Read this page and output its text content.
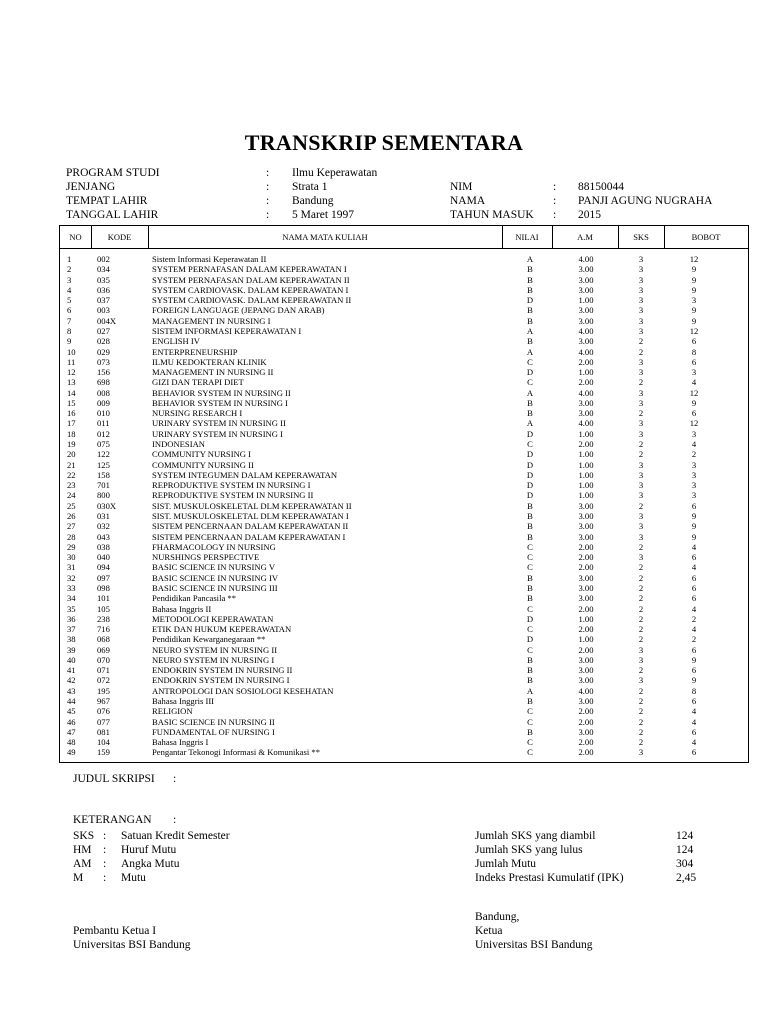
TRANSKRIP SEMENTARA
PROGRAM STUDI	: Ilmu Keperawatan
JENJANG	: Strata 1	NIM	: 88150044
TEMPAT LAHIR	: Bandung	NAMA	: PANJI AGUNG NUGRAHA
TANGGAL LAHIR	: 5 Maret 1997	TAHUN MASUK : 2015
NO	KODE	NAMA MATA KULIAH	NILAI	A.M	SKS	BOBOT
1	002	Sistem Informasi Keperawatan II	A	4.00	3	12
2	034	SYSTEM PERNAFASAN DALAM KEPERAWATAN I	B	3.00	3	9
3	035	SYSTEM PERNAFASAN DALAM KEPERAWATAN II	B	3.00	3	9
4	036	SYSTEM CARDIOVASK. DALAM KEPERAWATAN I	B	3.00	3	9
5	037	SYSTEM CARDIOVASK. DALAM KEPERAWATAN II	D	1.00	3	3
6	003	FOREIGN LANGUAGE (JEPANG DAN ARAB)	B	3.00	3	9
7	004X	MANAGEMENT IN NURSING I	B	3.00	3	9
8	027	SISTEM INFORMASI KEPERAWATAN I	A	4.00	3	12
9	028	ENGLISH IV	B	3.00	2	6
10 029	ENTERPRENEURSHIP	A	4.00	2	8
11	073	ILMU KEDOKTERAN KLINIK	C	2.00	3	6
12 156	MANAGEMENT IN NURSING II	D	1.00	3	3
13 698	GIZI DAN TERAPI DIET	C	2.00	2	4
14 008	BEHAVIOR SYSTEM IN NURSING II	A	4.00	3	12
15 009	BEHAVIOR SYSTEM IN NURSING I	B	3.00	3	9
16 010	NURSING RESEARCH I	B	3.00	2	6
17 011	URINARY SYSTEM IN NURSING II	A	4.00	3	12
18 012	URINARY SYSTEM IN NURSING I	D	1.00	3	3
19 075	INDONESIAN	C	2.00	2	4
20 122	COMMUNITY NURSING I	D	1.00	2	2
21 125	COMMUNITY NURSING II	D	1.00	3	3
22 158	SYSTEM INTEGUMEN DALAM KEPERAWATAN	D	1.00	3	3
23 701	REPRODUKTIVE SYSTEM IN NURSING I	D	1.00	3	3
24 800	REPRODUKTIVE SYSTEM IN NURSING II	D	1.00	3	3
25 030X	SIST. MUSKULOSKELETAL DLM KEPERAWATAN II	B	3.00	2	6
26 031	SIST. MUSKULOSKELETAL DLM KEPERAWATAN I	B	3.00	3	9
27 032	SISTEM PENCERNAAN DALAM KEPERAWATAN II	B	3.00	3	9
28 043	SISTEM PENCERNAAN DALAM KEPERAWATAN I	B	3.00	3	9
29 038	FHARMACOLOGY IN NURSING	C	2.00	2	4
30 040	NURSHINGS PERSPECTIVE	C	2.00	3	6
31 094	BASIC SCIENCE IN NURSING V	C	2.00	2	4
32 097	BASIC SCIENCE IN NURSING IV	B	3.00	2	6
33 098	BASIC SCIENCE IN NURSING III	B	3.00	2	6
34 101	Pendidikan Pancasila **	B	3.00	2	6
35 105	Bahasa Inggris II	C	2.00	2	4
36 238	METODOLOGI KEPERAWATAN	D	1.00	2	2
37 716	ETIK DAN HUKUM KEPERAWATAN	C	2.00	2	4
38 068	Pendidikan Kewarganegaraan **	D	1.00	2	2
39 069	NEURO SYSTEM IN NURSING II	C	2.00	3	6
40 070	NEURO SYSTEM IN NURSING I	B	3.00	3	9
41 071	ENDOKRIN SYSTEM IN NURSING II	B	3.00	2	6
42 072	ENDOKRIN SYSTEM IN NURSING I	B	3.00	3	9
43 195	ANTROPOLOGI DAN SOSIOLOGI KESEHATAN	A	4.00	2	8
44 967	Bahasa Inggris III	B	3.00	2	6
45 076	RELIGION	C	2.00	2	4
46 077	BASIC SCIENCE IN NURSING II	C	2.00	2	4
47 081	FUNDAMENTAL OF NURSING I	B	3.00	2	6
48 104	Bahasa Inggris I	C	2.00	2	4
49 159	Pengantar Tekonogi Informasi & Komunikasi **	C	2.00	3	6
JUDUL SKRIPSI :
KETERANGAN :
SKS : Satuan Kredit Semester
HM : Huruf Mutu
AM : Angka Mutu
M : Mutu
Jumlah SKS yang diambil	124
Jumlah SKS yang lulus	124
Jumlah Mutu	304
Indeks Prestasi Kumulatif (IPK)	2,45
Pembantu Ketua I
Universitas BSI Bandung
Bandung,
Ketua
Universitas BSI Bandung
